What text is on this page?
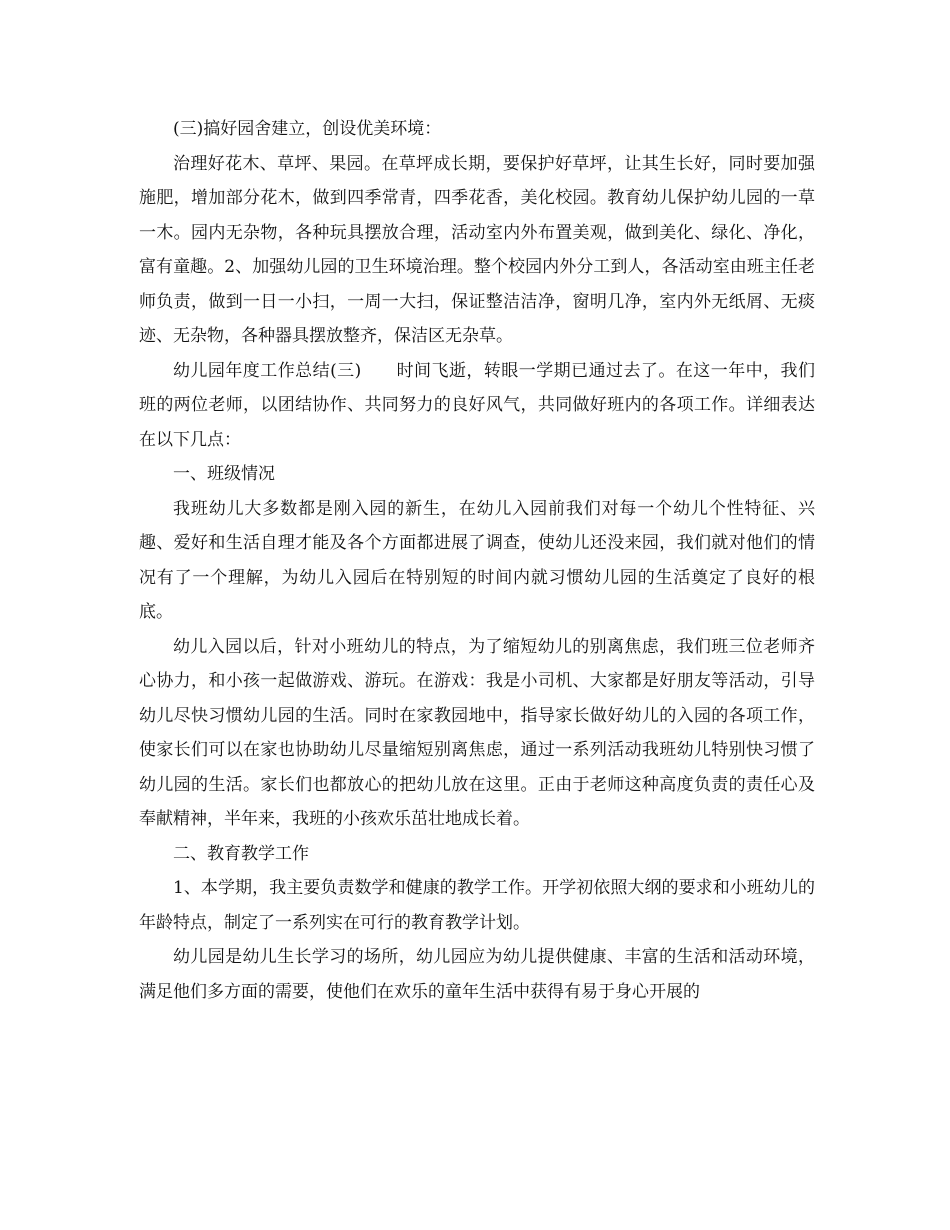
(三)搞好园舍建立，创设优美环境：

治理好花木、草坪、果园。在草坪成长期，要保护好草坪，让其生长好，同时要加强施肥，增加部分花木，做到四季常青，四季花香，美化校园。教育幼儿保护幼儿园的一草一木。园内无杂物，各种玩具摆放合理，活动室内外布置美观，做到美化、绿化、净化，富有童趣。2、加强幼儿园的卫生环境治理。整个校园内外分工到人，各活动室由班主任老师负责，做到一日一小扫，一周一大扫，保证整洁洁净，窗明几净，室内外无纸屑、无痰迹、无杂物，各种器具摆放整齐，保洁区无杂草。

幼儿园年度工作总结(三)　　时间飞逝，转眼一学期已通过去了。在这一年中，我们班的两位老师，以团结协作、共同努力的良好风气，共同做好班内的各项工作。详细表达在以下几点：

一、班级情况

我班幼儿大多数都是刚入园的新生，在幼儿入园前我们对每一个幼儿个性特征、兴趣、爱好和生活自理才能及各个方面都进展了调查，使幼儿还没来园，我们就对他们的情况有了一个理解，为幼儿入园后在特别短的时间内就习惯幼儿园的生活奠定了良好的根底。

幼儿入园以后，针对小班幼儿的特点，为了缩短幼儿的别离焦虑，我们班三位老师齐心协力，和小孩一起做游戏、游玩。在游戏：我是小司机、大家都是好朋友等活动，引导幼儿尽快习惯幼儿园的生活。同时在家教园地中，指导家长做好幼儿的入园的各项工作，使家长们可以在家也协助幼儿尽量缩短别离焦虑，通过一系列活动我班幼儿特别快习惯了幼儿园的生活。家长们也都放心的把幼儿放在这里。正由于老师这种高度负责的责任心及奉献精神，半年来，我班的小孩欢乐茁壮地成长着。

二、教育教学工作

1、本学期，我主要负责数学和健康的教学工作。开学初依照大纲的要求和小班幼儿的年龄特点，制定了一系列实在可行的教育教学计划。

幼儿园是幼儿生长学习的场所，幼儿园应为幼儿提供健康、丰富的生活和活动环境，满足他们多方面的需要，使他们在欢乐的童年生活中获得有易于身心开展的
